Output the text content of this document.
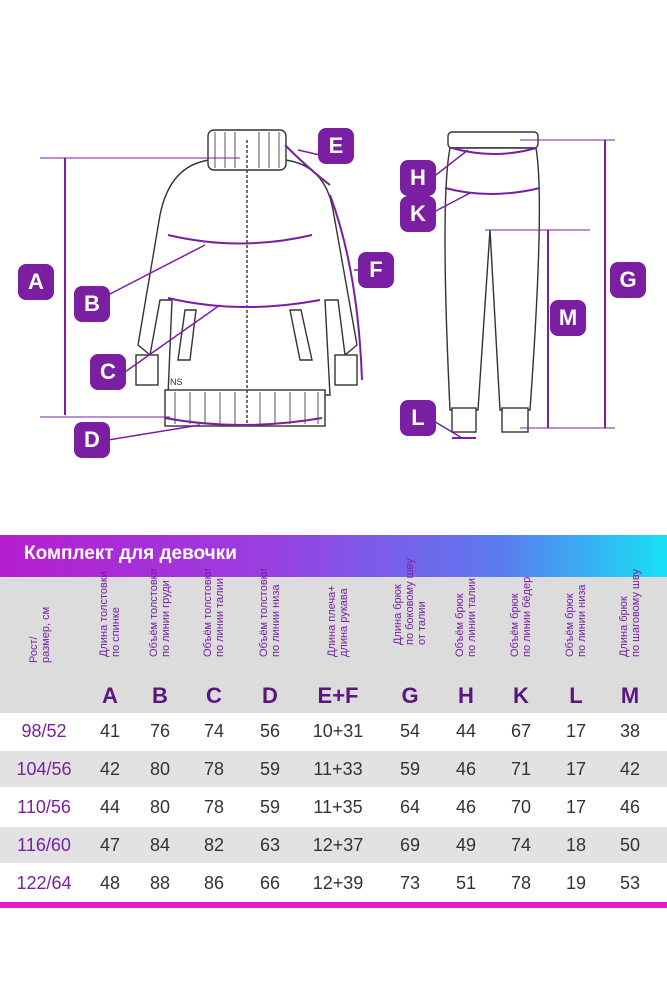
NS
A
B
C
D
E
F	G
H
K
L
M
Комплект для девочки
Рост/
размер, см
Длина толстовки
по спинке
A
Объём толстовки
по линии груди
B
Объём толстовки
по линии талии
C
Объём толстовки
по линии низа
D
Длина плеча+
длина рукава
E+F
Длина брюк
по боковому шву
от талии
G
Объём брюк
по линии талии
H
Объём брюк
по линии бёдер
K
Объём брюк
по линии низа
L
Длина брюк
по шаговому шву
M
98/52	41	76	74	56	10+31	54	44	67	17	38
104/56	42	80	78	59	11+33	59	46	71	17	42
110/56	44	80	78	59	11+35	64	46	70	17	46
116/60	47	84	82	63	12+37	69	49	74	18	50
122/64	48	88	86	66	12+39	73	51	78	19	53
